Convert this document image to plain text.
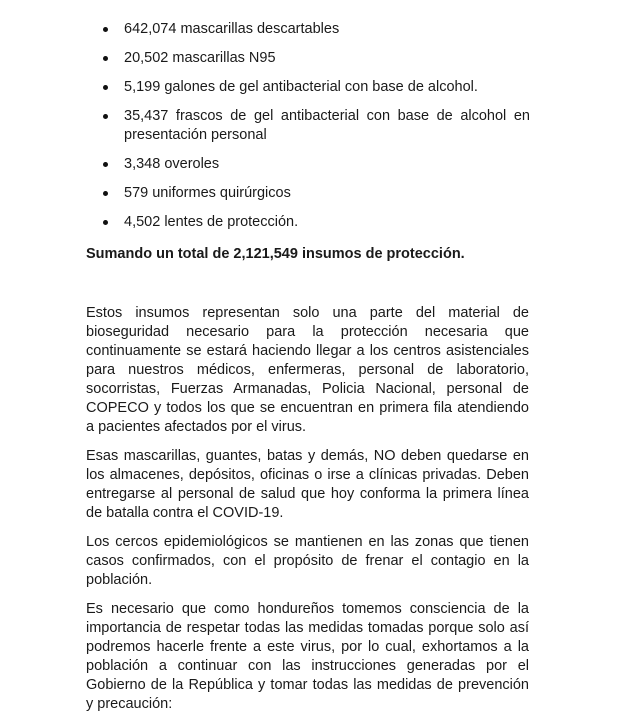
642,074 mascarillas descartables
20,502 mascarillas N95
5,199 galones de gel antibacterial con base de alcohol.
35,437 frascos de gel antibacterial con base de alcohol en presentación personal
3,348 overoles
579 uniformes quirúrgicos
4,502 lentes de protección.

Sumando un total de 2,121,549 insumos de protección.

Estos insumos representan solo una parte del material de bioseguridad necesario para la protección necesaria que continuamente se estará haciendo llegar a los centros asistenciales para nuestros médicos, enfermeras, personal de laboratorio, socorristas, Fuerzas Armanadas, Policia Nacional, personal de COPECO y todos los que se encuentran en primera fila atendiendo a pacientes afectados por el virus.

Esas mascarillas, guantes, batas y demás, NO deben quedarse en los almacenes, depósitos, oficinas o irse a clínicas privadas. Deben entregarse al personal de salud que hoy conforma la primera línea de batalla contra el COVID-19.

Los cercos epidemiológicos se mantienen en las zonas que tienen casos confirmados, con el propósito de frenar el contagio en la población.

Es necesario que como hondureños tomemos consciencia de la importancia de respetar todas las medidas tomadas porque solo así podremos hacerle frente a este virus, por lo cual, exhortamos a la población a continuar con las instrucciones generadas por el Gobierno de la República y tomar todas las medidas de prevención y precaución:
